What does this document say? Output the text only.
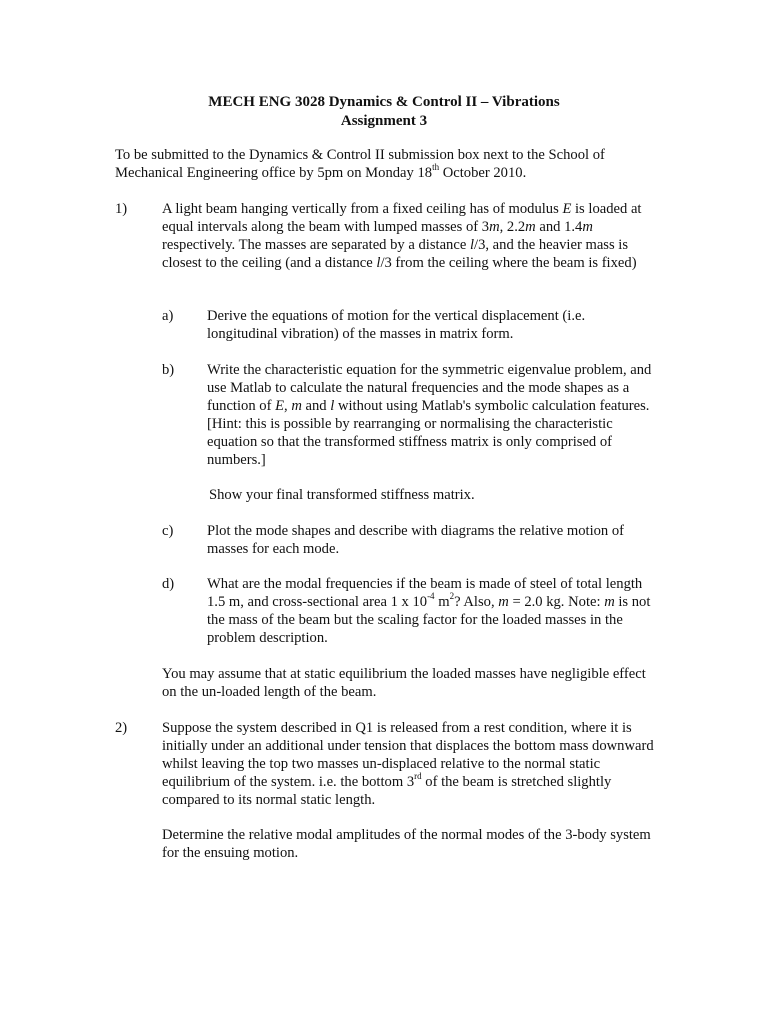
MECH ENG 3028 Dynamics & Control II – Vibrations
Assignment 3
To be submitted to the Dynamics & Control II submission box next to the School of Mechanical Engineering office by 5pm on Monday 18th October 2010.
1) A light beam hanging vertically from a fixed ceiling has of modulus E is loaded at equal intervals along the beam with lumped masses of 3m, 2.2m and 1.4m respectively. The masses are separated by a distance l/3, and the heavier mass is closest to the ceiling (and a distance l/3 from the ceiling where the beam is fixed)
a) Derive the equations of motion for the vertical displacement (i.e. longitudinal vibration) of the masses in matrix form.
b) Write the characteristic equation for the symmetric eigenvalue problem, and use Matlab to calculate the natural frequencies and the mode shapes as a function of E, m and l without using Matlab's symbolic calculation features. [Hint: this is possible by rearranging or normalising the characteristic equation so that the transformed stiffness matrix is only comprised of numbers.]
Show your final transformed stiffness matrix.
c) Plot the mode shapes and describe with diagrams the relative motion of masses for each mode.
d) What are the modal frequencies if the beam is made of steel of total length 1.5 m, and cross-sectional area 1 x $10^{-4}$ $m^2$? Also, m = 2.0 kg. Note: m is not the mass of the beam but the scaling factor for the loaded masses in the problem description.
You may assume that at static equilibrium the loaded masses have negligible effect on the un-loaded length of the beam.
2) Suppose the system described in Q1 is released from a rest condition, where it is initially under an additional under tension that displaces the bottom mass downward whilst leaving the top two masses un-displaced relative to the normal static equilibrium of the system. i.e. the bottom 3rd of the beam is stretched slightly compared to its normal static length.
Determine the relative modal amplitudes of the normal modes of the 3-body system for the ensuing motion.
